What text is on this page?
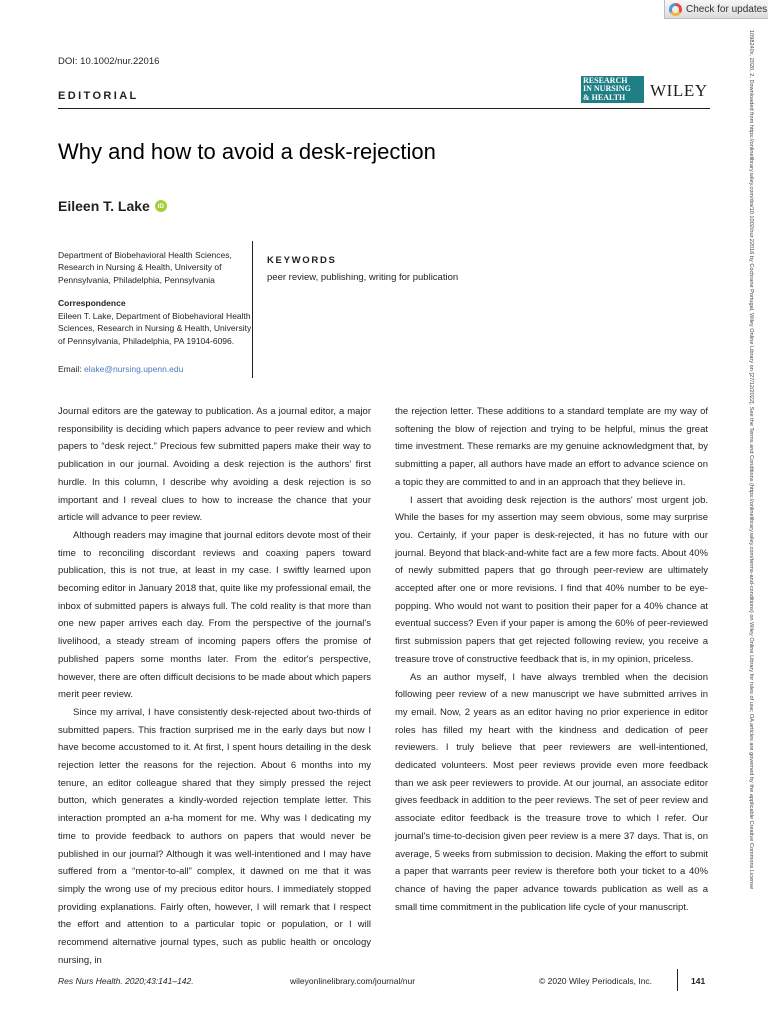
Check for updates
DOI: 10.1002/nur.22016
EDITORIAL
RESEARCH
IN NURSING
& HEALTH	WILEY
Why and how to avoid a desk‐rejection
Eileen T. Lake	iD
Department of Biobehavioral Health Sciences, Research in Nursing & Health, University of Pennsylvania, Philadelphia, Pennsylvania
Correspondence
Eileen T. Lake, Department of Biobehavioral Health Sciences, Research in Nursing & Health, University of Pennsylvania, Philadelphia, PA 19104‐6096.
Email: elake@nursing.upenn.edu
KEYWORDS
peer review, publishing, writing for publication

Journal editors are the gateway to publication. As a journal editor, a major responsibility is deciding which papers advance to peer review and which papers to “desk reject.” Precious few submitted papers make their way to publication in our journal. Avoiding a desk rejection is the authors' first hurdle. In this column, I describe why avoiding a desk rejection is so important and I reveal clues to how to increase the chance that your article will advance to peer review.

Although readers may imagine that journal editors devote most of their time to reconciling discordant reviews and coaxing papers toward publication, this is not true, at least in my case. I swiftly learned upon becoming editor in January 2018 that, quite like my professional email, the inbox of submitted papers is always full. The cold reality is that more than one new paper arrives each day. From the perspective of the journal's livelihood, a steady stream of incoming papers offers the promise of published papers some months later. From the editor's perspective, however, there are often difficult decisions to be made about which papers merit peer review.

Since my arrival, I have consistently desk‐rejected about two‐thirds of submitted papers. This fraction surprised me in the early days but now I have become accustomed to it. At first, I spent hours detailing in the desk rejection letter the reasons for the rejection. About 6 months into my tenure, an editor colleague shared that they simply pressed the reject button, which generates a kindly‐worded rejection template letter. This interaction prompted an a‐ha moment for me. Why was I dedicating my time to provide feedback to authors on papers that would never be published in our journal? Although it was well‐intentioned and I may have suffered from a “mentor‐to‐all” complex, it dawned on me that it was simply the wrong use of my precious editor hours. I immediately stopped providing explanations. Fairly often, however, I will remark that I respect the effort and attention to a particular topic or population, or I will recommend alternative journal types, such as public health or oncology nursing, in

the rejection letter. These additions to a standard template are my way of softening the blow of rejection and trying to be helpful, minus the great time investment. These remarks are my genuine acknowledgment that, by submitting a paper, all authors have made an effort to advance science on a topic they are committed to and in an approach that they believe in.

I assert that avoiding desk rejection is the authors' most urgent job. While the bases for my assertion may seem obvious, some may surprise you. Certainly, if your paper is desk‐rejected, it has no future with our journal. Beyond that black‐and‐white fact are a few more facts. About 40% of newly submitted papers that go through peer‐review are ultimately accepted after one or more revisions. I find that 40% number to be eye‐popping. Who would not want to position their paper for a 40% chance at eventual success? Even if your paper is among the 60% of peer‐reviewed first submission papers that get rejected following review, you receive a treasure trove of constructive feedback that is, in my opinion, priceless.

As an author myself, I have always trembled when the decision following peer review of a new manuscript we have submitted arrives in my email. Now, 2 years as an editor having no prior experience in editor roles has filled my heart with the kindness and dedication of peer reviewers. I truly believe that peer reviewers are well‐intentioned, dedicated volunteers. Most peer reviews provide even more feedback than we ask peer reviewers to provide. At our journal, an associate editor gives feedback in addition to the peer reviews. The set of peer review and associate editor feedback is the treasure trove to which I refer. Our journal's time‐to‐decision given peer review is a mere 37 days. That is, on average, 5 weeks from submission to decision. Making the effort to submit a paper that warrants peer review is therefore both your ticket to a 40% chance of having the paper advance towards publication as well as a small time commitment in the publication life cycle of your manuscript.

Res Nurs Health. 2020;43:141–142.	wileyonlinelibrary.com/journal/nur	© 2020 Wiley Periodicals, Inc.	141
1098240x, 2020, 2, Downloaded from https://onlinelibrary.wiley.com/doi/10.1002/nur.22016 by Cochrane Portugal, Wiley Online Library on [27/12/2022]. See the Terms and Conditions (https://onlinelibrary.wiley.com/terms-and-conditions) on Wiley Online Library for rules of use; OA articles are governed by the applicable Creative Commons License
